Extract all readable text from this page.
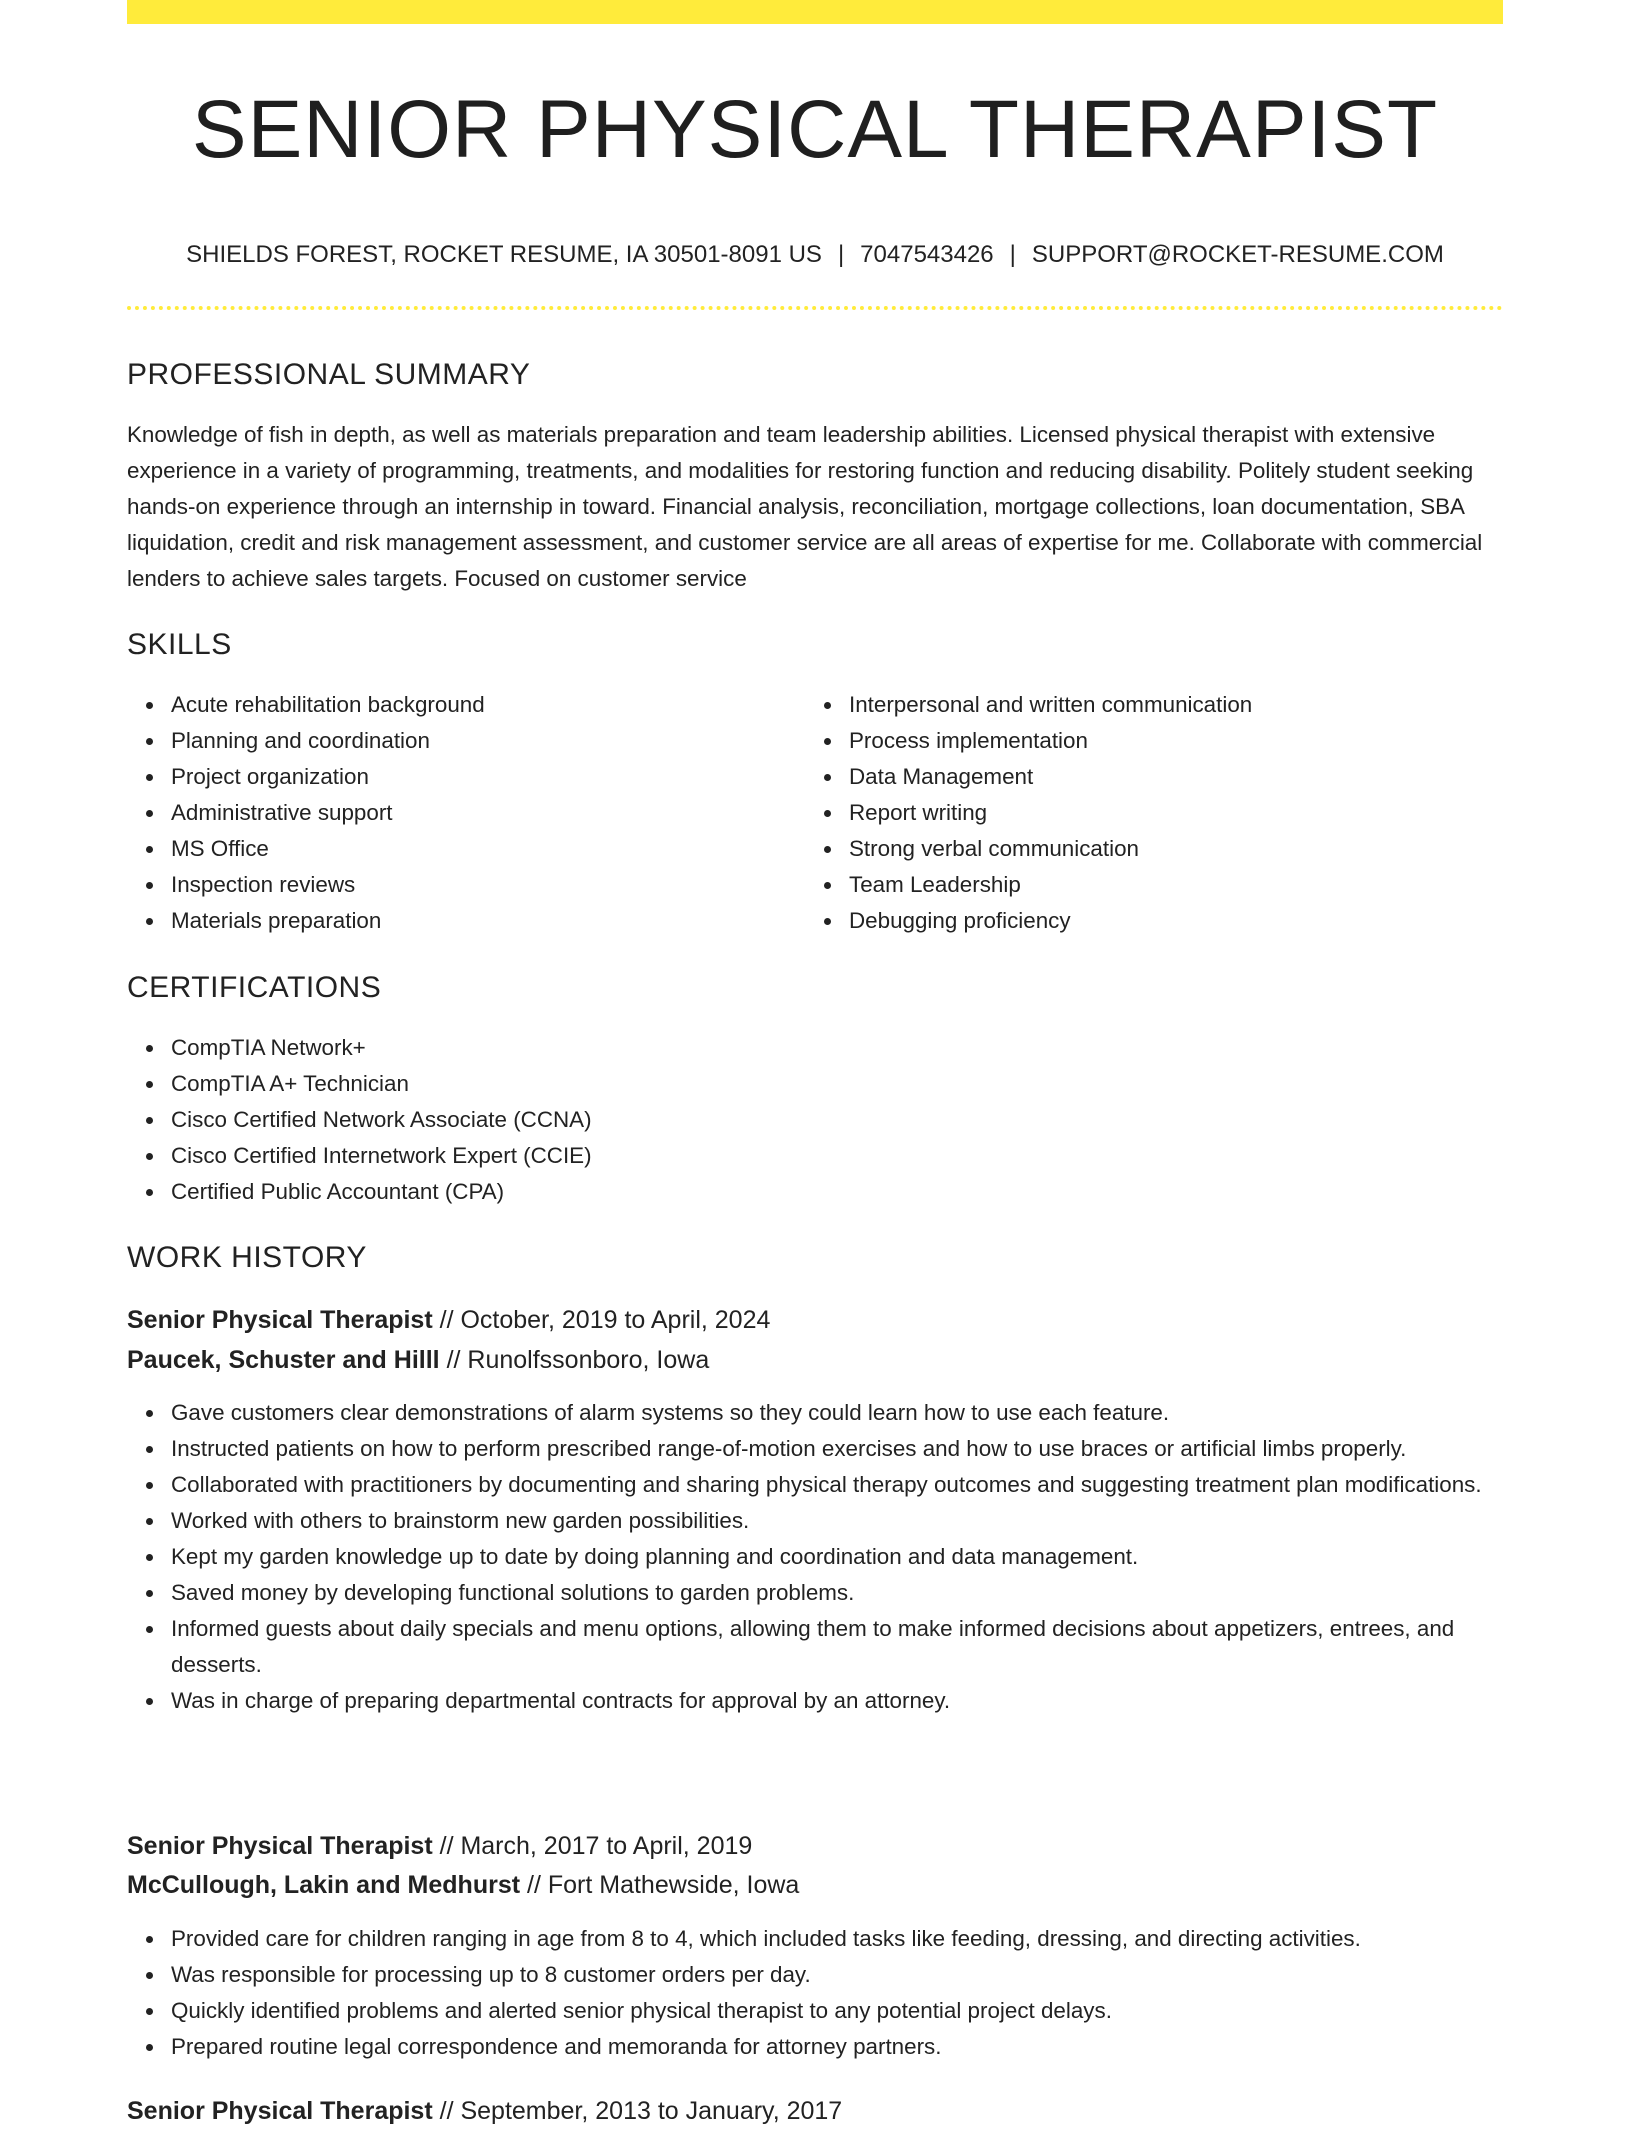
SENIOR PHYSICAL THERAPIST
SHIELDS FOREST, ROCKET RESUME, IA 30501-8091 US | 7047543426 | SUPPORT@ROCKET-RESUME.COM
PROFESSIONAL SUMMARY
Knowledge of fish in depth, as well as materials preparation and team leadership abilities. Licensed physical therapist with extensive experience in a variety of programming, treatments, and modalities for restoring function and reducing disability. Politely student seeking hands-on experience through an internship in toward. Financial analysis, reconciliation, mortgage collections, loan documentation, SBA liquidation, credit and risk management assessment, and customer service are all areas of expertise for me. Collaborate with commercial lenders to achieve sales targets. Focused on customer service
SKILLS
Acute rehabilitation background
Planning and coordination
Project organization
Administrative support
MS Office
Inspection reviews
Materials preparation
Interpersonal and written communication
Process implementation
Data Management
Report writing
Strong verbal communication
Team Leadership
Debugging proficiency
CERTIFICATIONS
CompTIA Network+
CompTIA A+ Technician
Cisco Certified Network Associate (CCNA)
Cisco Certified Internetwork Expert (CCIE)
Certified Public Accountant (CPA)
WORK HISTORY
Senior Physical Therapist // October, 2019 to April, 2024
Paucek, Schuster and Hilll // Runolfssonboro, Iowa
Gave customers clear demonstrations of alarm systems so they could learn how to use each feature.
Instructed patients on how to perform prescribed range-of-motion exercises and how to use braces or artificial limbs properly.
Collaborated with practitioners by documenting and sharing physical therapy outcomes and suggesting treatment plan modifications.
Worked with others to brainstorm new garden possibilities.
Kept my garden knowledge up to date by doing planning and coordination and data management.
Saved money by developing functional solutions to garden problems.
Informed guests about daily specials and menu options, allowing them to make informed decisions about appetizers, entrees, and desserts.
Was in charge of preparing departmental contracts for approval by an attorney.
Senior Physical Therapist // March, 2017 to April, 2019
McCullough, Lakin and Medhurst // Fort Mathewside, Iowa
Provided care for children ranging in age from 8 to 4, which included tasks like feeding, dressing, and directing activities.
Was responsible for processing up to 8 customer orders per day.
Quickly identified problems and alerted senior physical therapist to any potential project delays.
Prepared routine legal correspondence and memoranda for attorney partners.
Senior Physical Therapist // September, 2013 to January, 2017
